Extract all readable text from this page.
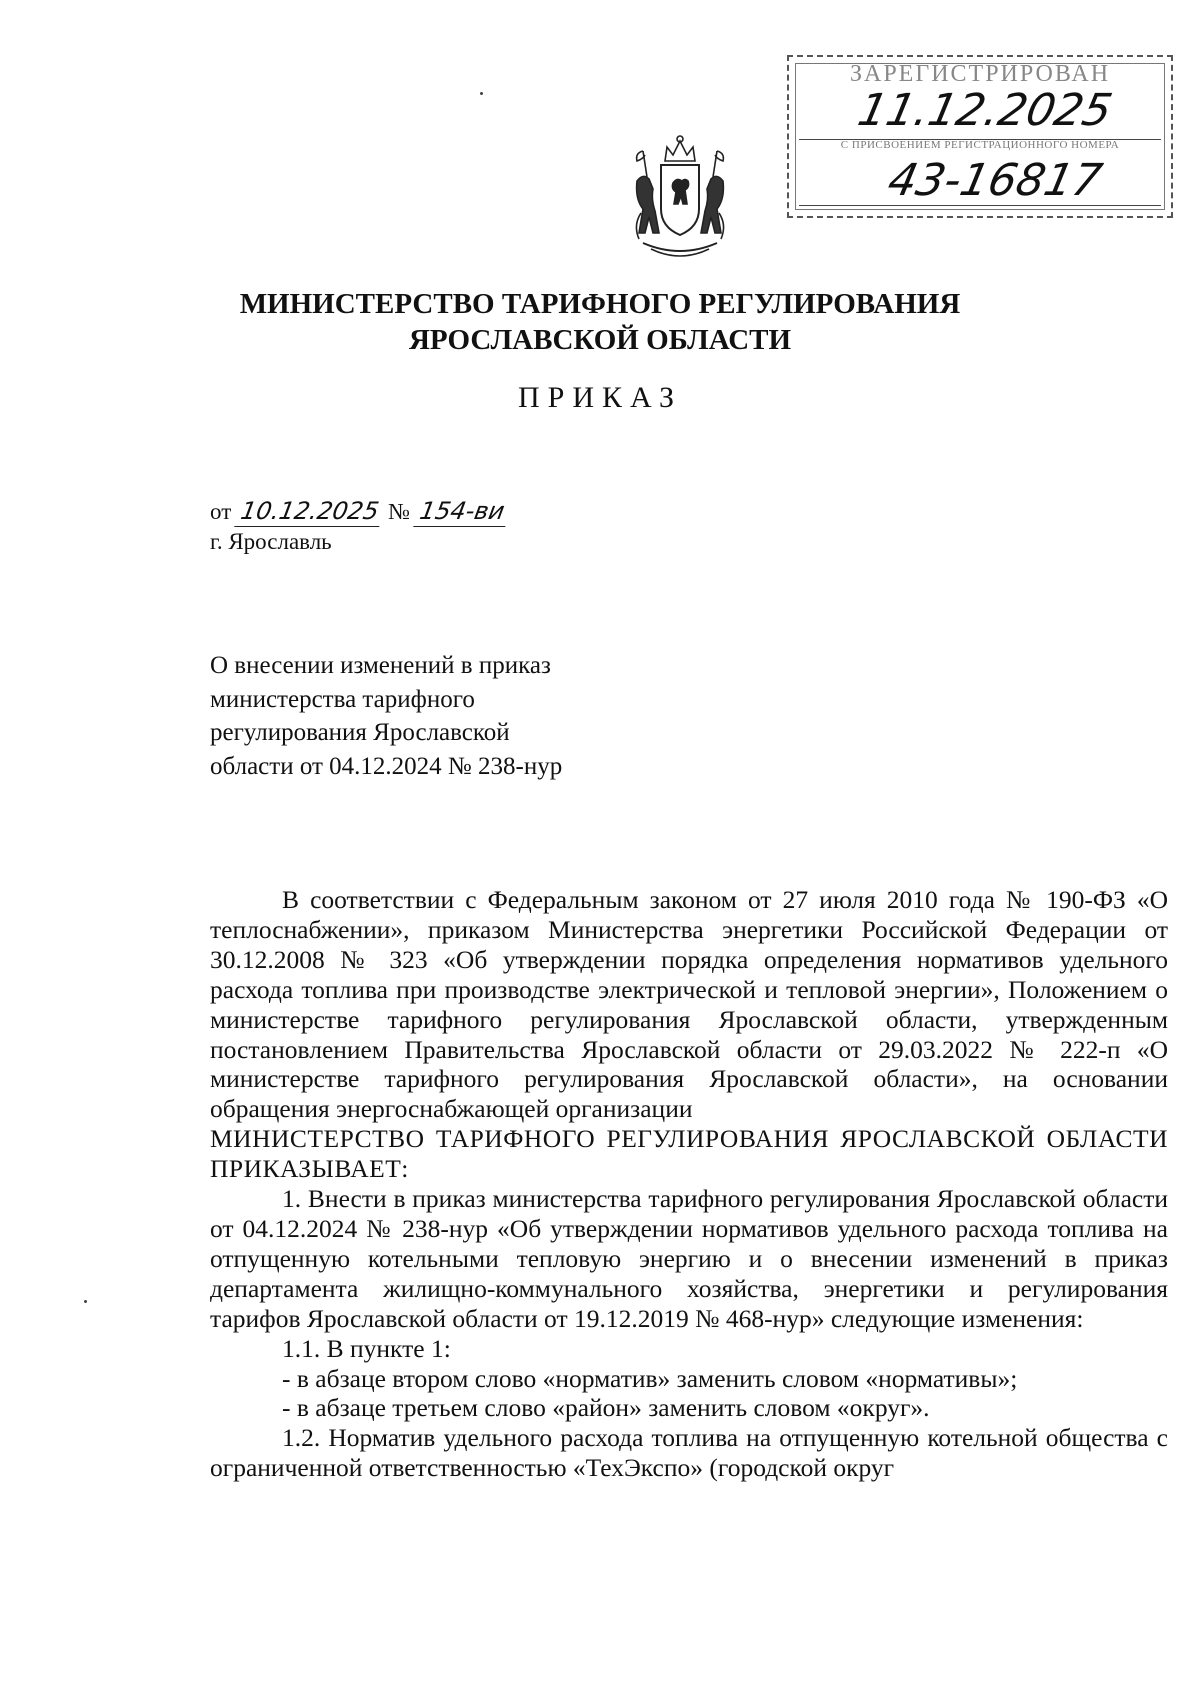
ЗАРЕГИСТРИРОВАН
11.12.2025
С ПРИСВОЕНИЕМ РЕГИСТРАЦИОННОГО НОМЕРА
43-16817
МИНИСТЕРСТВО ТАРИФНОГО РЕГУЛИРОВАНИЯ
ЯРОСЛАВСКОЙ ОБЛАСТИ
ПРИКАЗ
от 10.12.2025 № 154-ви
г. Ярославль
О внесении изменений в приказ
министерства тарифного
регулирования Ярославской
области от 04.12.2024 № 238-нур

В соответствии с Федеральным законом от 27 июля 2010 года № 190-ФЗ «О теплоснабжении», приказом Министерства энергетики Российской Федерации от 30.12.2008 № 323 «Об утверждении порядка определения нормативов удельного расхода топлива при производстве электрической и тепловой энергии», Положением о министерстве тарифного регулирования Ярославской области, утвержденным постановлением Правительства Ярославской области от 29.03.2022 № 222-п «О министерстве тарифного регулирования Ярославской области», на основании обращения энергоснабжающей организации

МИНИСТЕРСТВО ТАРИФНОГО РЕГУЛИРОВАНИЯ ЯРОСЛАВСКОЙ ОБЛАСТИ ПРИКАЗЫВАЕТ:

1. Внести в приказ министерства тарифного регулирования Ярославской области от 04.12.2024 № 238-нур «Об утверждении нормативов удельного расхода топлива на отпущенную котельными тепловую энергию и о внесении изменений в приказ департамента жилищно-коммунального хозяйства, энергетики и регулирования тарифов Ярославской области от 19.12.2019 № 468-нур» следующие изменения:

1.1. В пункте 1:

- в абзаце втором слово «норматив» заменить словом «нормативы»;

- в абзаце третьем слово «район» заменить словом «округ».

1.2. Норматив удельного расхода топлива на отпущенную котельной общества с ограниченной ответственностью «ТехЭкспо» (городской округ
